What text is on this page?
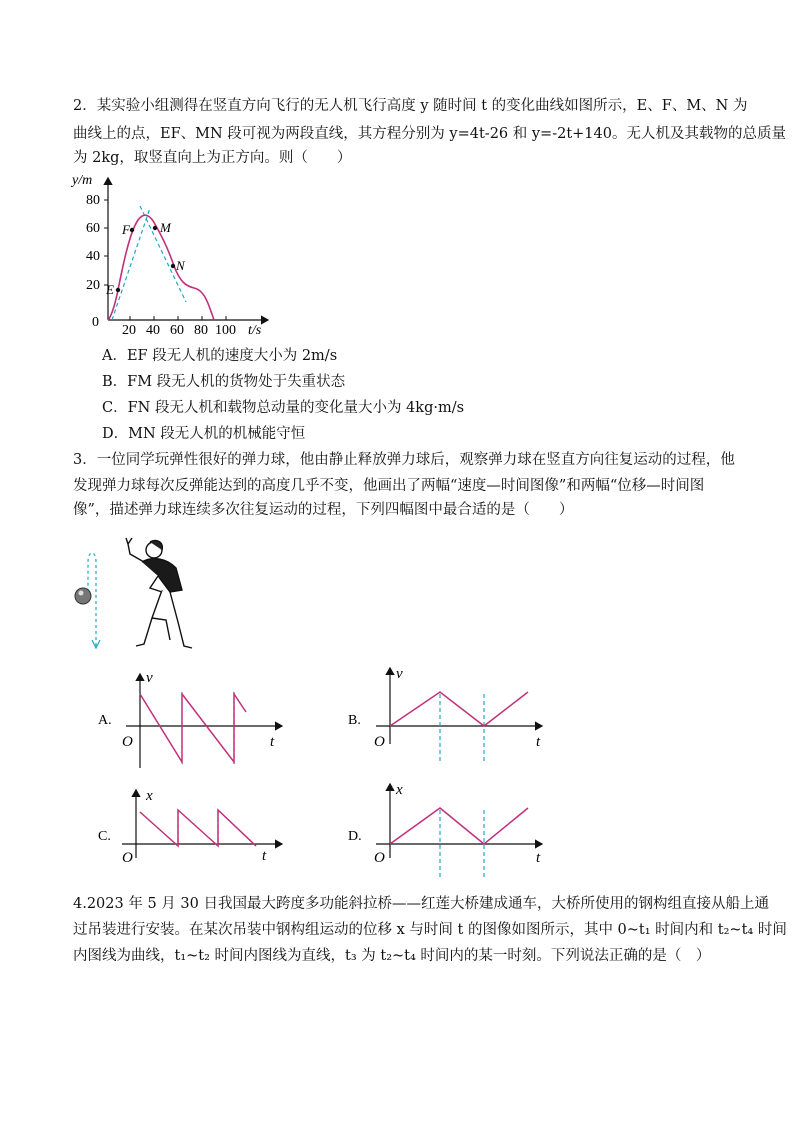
2．某实验小组测得在竖直方向飞行的无人机飞行高度 y 随时间 t 的变化曲线如图所示，E、F、M、N 为
曲线上的点，EF、MN 段可视为两段直线，其方程分别为 y=4t-26 和 y=-2t+140。无人机及其载物的总质量
为 2kg，取竖直向上为正方向。则（　　）
y/m
80
60
40
20
0
20 40 60 80 100 t/s
E
F M
N
A．EF 段无人机的速度大小为 2m/s
B．FM 段无人机的货物处于失重状态
C．FN 段无人机和载物总动量的变化量大小为 4kg·m/s
D．MN 段无人机的机械能守恒
3．一位同学玩弹性很好的弹力球，他由静止释放弹力球后，观察弹力球在竖直方向往复运动的过程，他
发现弹力球每次反弹能达到的高度几乎不变，他画出了两幅“速度—时间图像”和两幅“位移—时间图
像”，描述弹力球连续多次往复运动的过程，下列四幅图中最合适的是（　　）
A.
v
O	t
B.
v
O	t
C.
x
O	t
D.
x
O	t
4.2023 年 5 月 30 日我国最大跨度多功能斜拉桥——红莲大桥建成通车，大桥所使用的钢构组直接从船上通
过吊装进行安装。在某次吊装中钢构组运动的位移 x 与时间 t 的图像如图所示，其中 0~t₁ 时间内和 t₂~t₄ 时间
内图线为曲线，t₁~t₂ 时间内图线为直线，t₃ 为 t₂~t₄ 时间内的某一时刻。下列说法正确的是（　）
